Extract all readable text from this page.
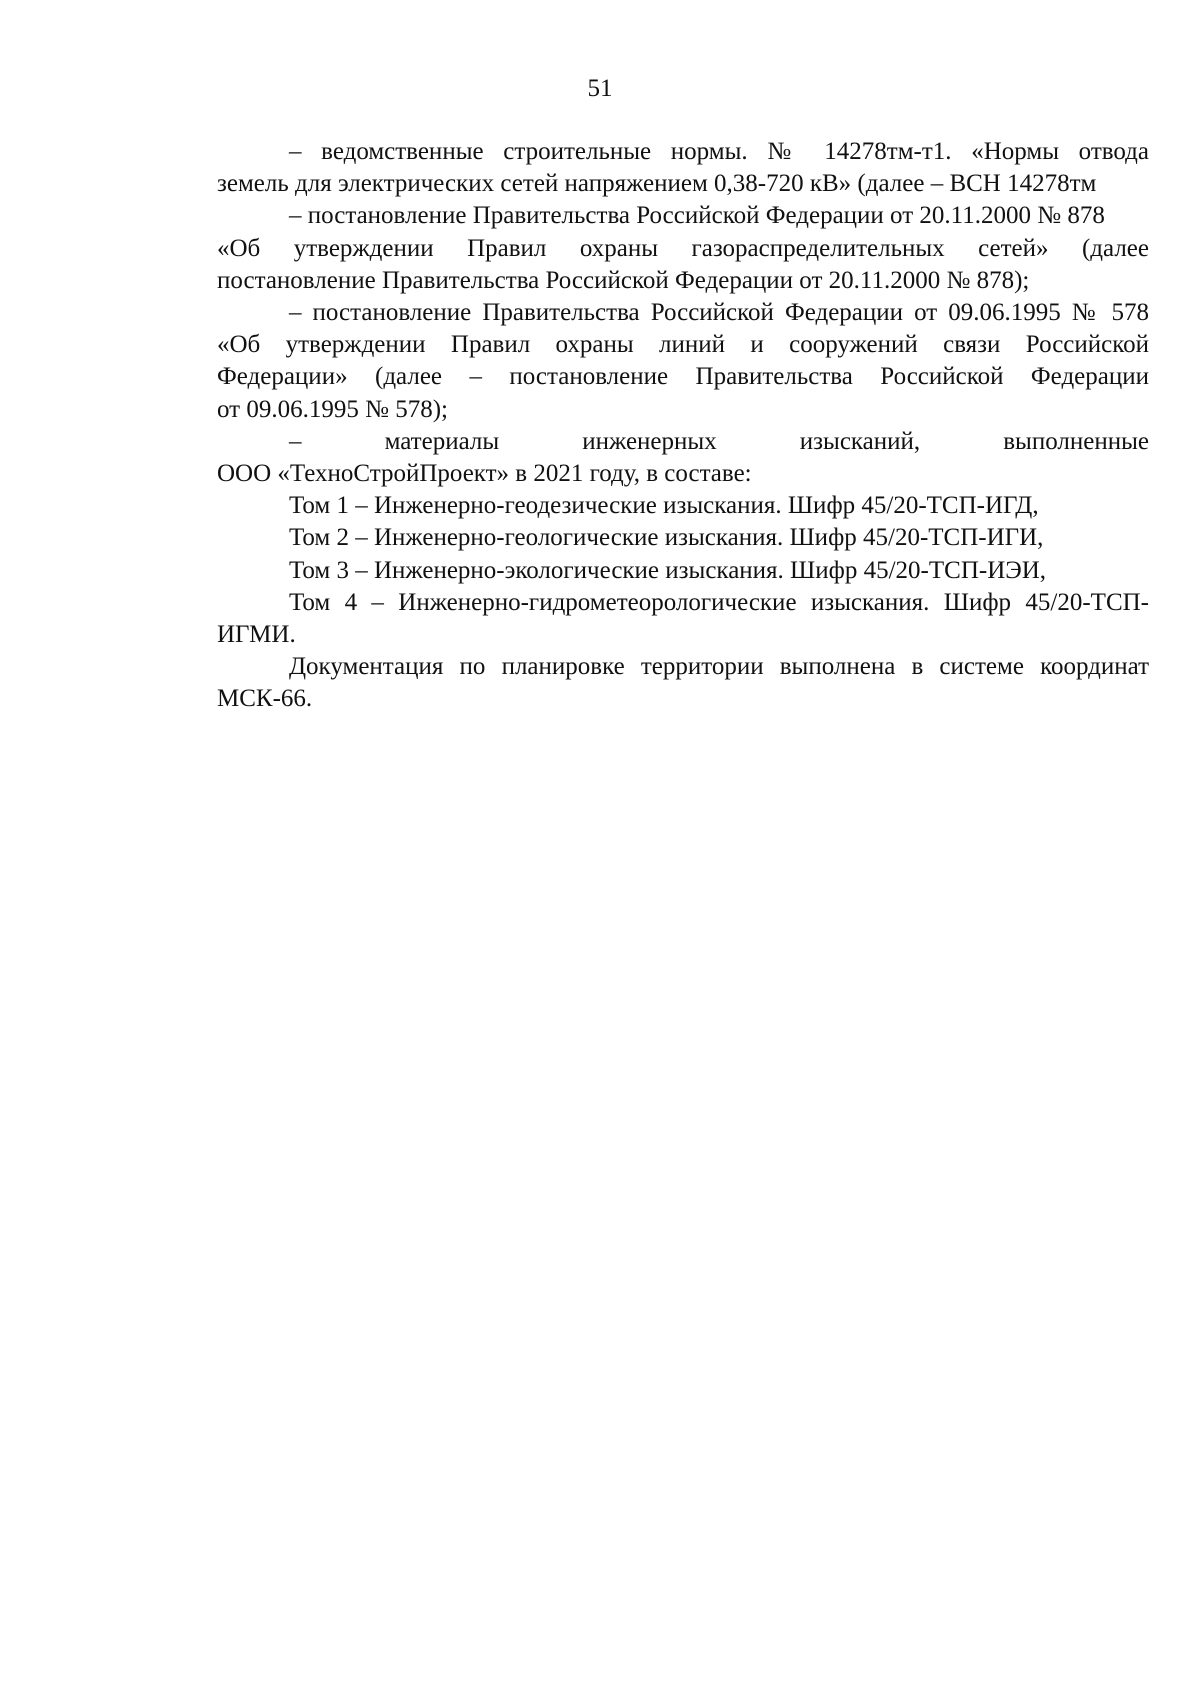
51
– ведомственные строительные нормы. № 14278тм-т1. «Нормы отвода
земель для электрических сетей напряжением 0,38-720 кВ» (далее – ВСН 14278тм
– постановление Правительства Российской Федерации от 20.11.2000 № 878
«Об утверждении Правил охраны газораспределительных сетей» (далее
постановление Правительства Российской Федерации от 20.11.2000 № 878);
– постановление Правительства Российской Федерации от 09.06.1995 № 578
«Об утверждении Правил охраны линий и сооружений связи Российской
Федерации» (далее – постановление Правительства Российской Федерации
от 09.06.1995 № 578);
– материалы инженерных изысканий, выполненные
ООО «ТехноСтройПроект» в 2021 году, в составе:
Том 1 – Инженерно-геодезические изыскания. Шифр 45/20-ТСП-ИГД,
Том 2 – Инженерно-геологические изыскания. Шифр 45/20-ТСП-ИГИ,
Том 3 – Инженерно-экологические изыскания. Шифр 45/20-ТСП-ИЭИ,
Том 4 – Инженерно-гидрометеорологические изыскания. Шифр 45/20-ТСП-
ИГМИ.
Документация по планировке территории выполнена в системе координат
МСК-66.
